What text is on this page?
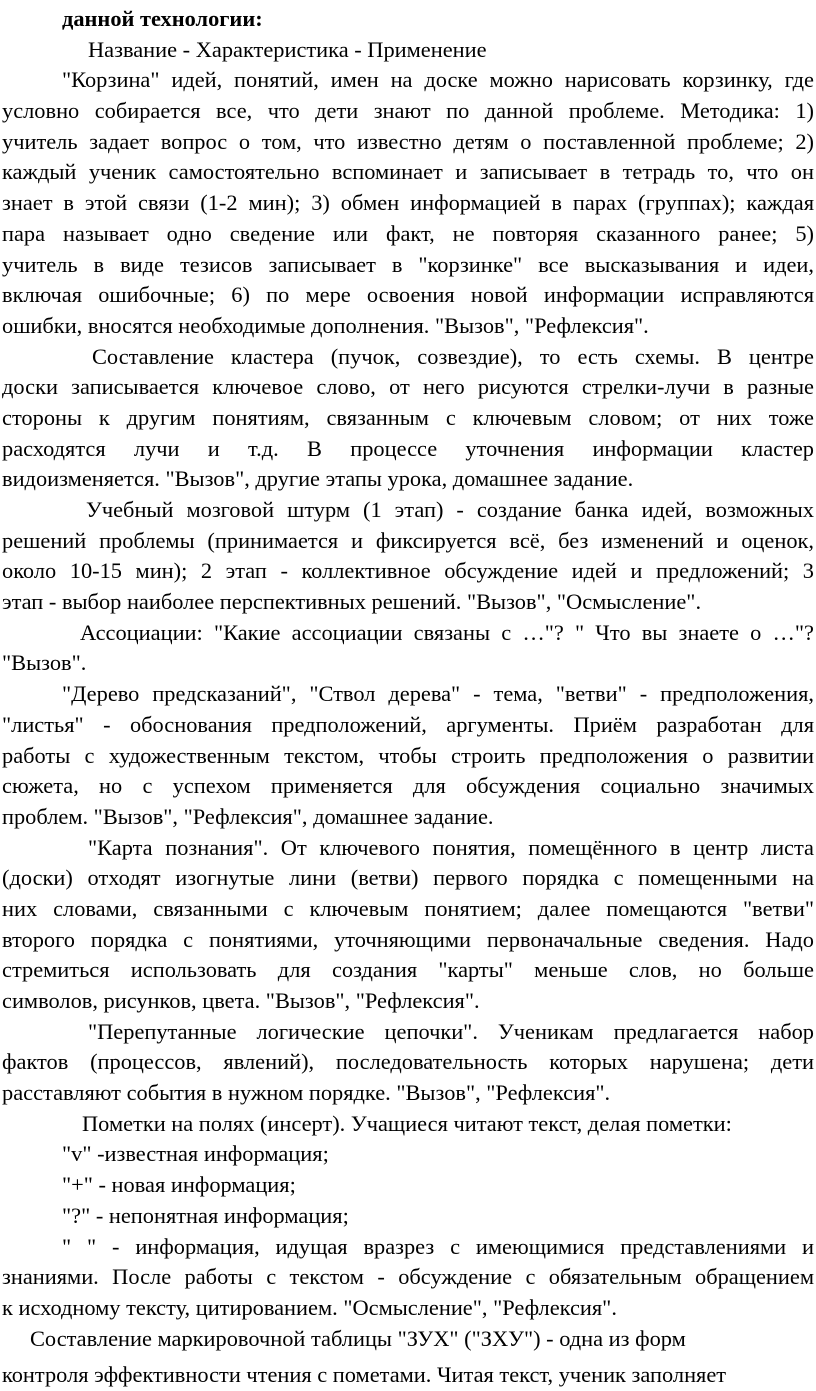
данной технологии:
Название - Характеристика - Применение
"Корзина" идей, понятий, имен на доске можно нарисовать корзинку, где
условно собирается все, что дети знают по данной проблеме. Методика: 1)
учитель задает вопрос о том, что известно детям о поставленной проблеме; 2)
каждый ученик самостоятельно вспоминает и записывает в тетрадь то, что он
знает в этой связи (1-2 мин); 3) обмен информацией в парах (группах); каждая
пара называет одно сведение или факт, не повторяя сказанного ранее; 5)
учитель в виде тезисов записывает в "корзинке" все высказывания и идеи,
включая ошибочные; 6) по мере освоения новой информации исправляются
ошибки, вносятся необходимые дополнения. "Вызов", "Рефлексия".
Составление кластера (пучок, созвездие), то есть схемы. В центре
доски записывается ключевое слово, от него рисуются стрелки-лучи в разные
стороны к другим понятиям, связанным с ключевым словом; от них тоже
расходятся лучи и т.д. В процессе уточнения информации кластер
видоизменяется. "Вызов", другие этапы урока, домашнее задание.
Учебный мозговой штурм (1 этап) - создание банка идей, возможных
решений проблемы (принимается и фиксируется всё, без изменений и оценок,
около 10-15 мин); 2 этап - коллективное обсуждение идей и предложений; 3
этап - выбор наиболее перспективных решений. "Вызов", "Осмысление".
Ассоциации: "Какие ассоциации связаны с …"? " Что вы знаете о …"?
"Вызов".
"Дерево предсказаний", "Ствол дерева" - тема, "ветви" - предположения,
"листья" - обоснования предположений, аргументы. Приём разработан для
работы с художественным текстом, чтобы строить предположения о развитии
сюжета, но с успехом применяется для обсуждения социально значимых
проблем. "Вызов", "Рефлексия", домашнее задание.
"Карта познания". От ключевого понятия, помещённого в центр листа
(доски) отходят изогнутые лини (ветви) первого порядка с помещенными на
них словами, связанными с ключевым понятием; далее помещаются "ветви"
второго порядка с понятиями, уточняющими первоначальные сведения. Надо
стремиться использовать для создания "карты" меньше слов, но больше
символов, рисунков, цвета. "Вызов", "Рефлексия".
"Перепутанные логические цепочки". Ученикам предлагается набор
фактов (процессов, явлений), последовательность которых нарушена; дети
расставляют события в нужном порядке. "Вызов", "Рефлексия".
Пометки на полях (инсерт). Учащиеся читают текст, делая пометки:
"v" -известная информация;
"+" - новая информация;
"?" - непонятная информация;
" " - информация, идущая вразрез с имеющимися представлениями и
знаниями. После работы с текстом - обсуждение с обязательным обращением
к исходному тексту, цитированием. "Осмысление", "Рефлексия".
Составление маркировочной таблицы "ЗУХ" ("ЗХУ") - одна из форм
контроля эффективности чтения с пометами. Читая текст, ученик заполняет
